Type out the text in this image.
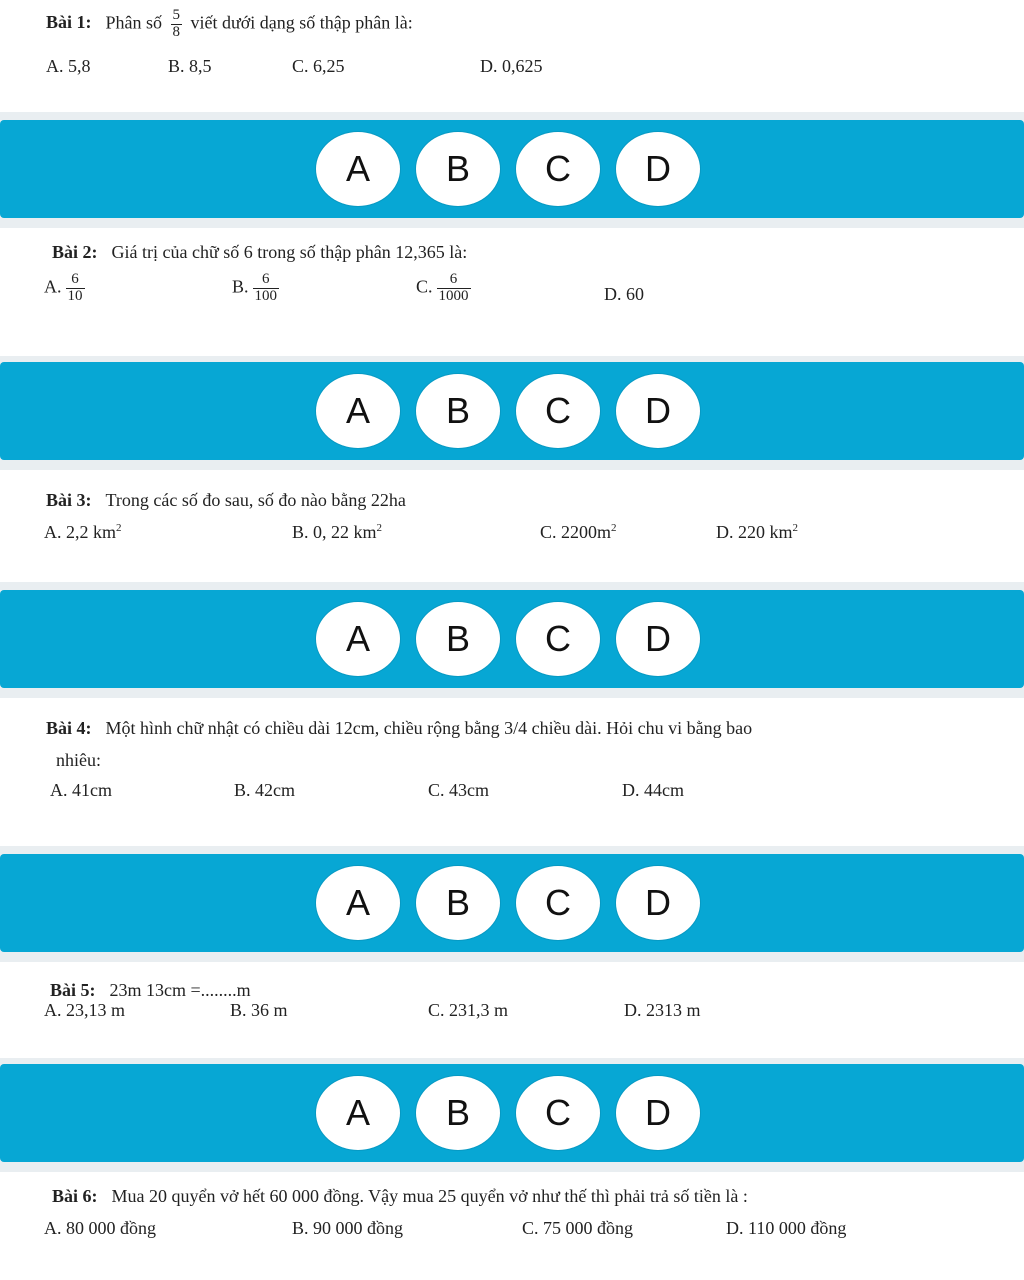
Bài 1: Phân số $\frac{5}{8}$ viết dưới dạng số thập phân là:
A. 5,8	B. 8,5	C. 6,25	D. 0,625
A	B	C	D
Bài 2: Giá trị của chữ số 6 trong số thập phân 12,365 là:
A. $\frac{6}{10}$	B. $\frac{6}{100}$	C. $\frac{6}{1000}$	D. 60
A	B	C	D
Bài 3: Trong các số đo sau, số đo nào bằng 22ha
A. 2,2 $km^2$	B. 0, 22 $km^2$	C. $2200m^2$	D. 220 $km^2$
A	B	C	D
Bài 4: Một hình chữ nhật có chiều dài 12cm, chiều rộng bằng 3/4 chiều dài. Hỏi chu vi bằng bao
nhiêu:
A. 41cm	B. 42cm	C. 43cm	D. 44cm
A	B	C	D
Bài 5: 23m 13cm =........m
A. 23,13 m	B. 36 m	C. 231,3 m	D. 2313 m
A	B	C	D
Bài 6: Mua 20 quyển vở hết 60 000 đồng. Vậy mua 25 quyển vở như thế thì phải trả số tiền là :
A. 80 000 đồng	B. 90 000 đồng	C. 75 000 đồng	D. 110 000 đồng
